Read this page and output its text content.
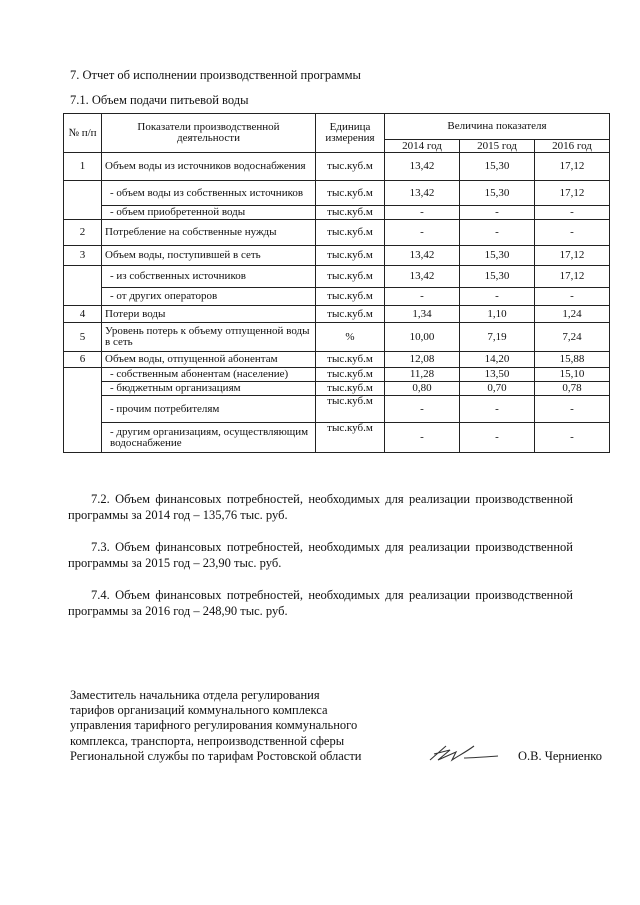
7. Отчет об исполнении производственной программы
7.1. Объем подачи питьевой воды
№ п/п	Показатели производственной деятельности	Единица измерения	Величина показателя		
			2014 год	2015 год	2016 год
1	Объем воды из источников водоснабжения	тыс.куб.м	13,42	15,30	17,12
	- объем воды из собственных источников	тыс.куб.м	13,42	15,30	17,12
	- объем приобретенной воды	тыс.куб.м	-	-	-
2	Потребление на собственные нужды	тыс.куб.м	-	-	-
3	Объем воды, поступившей в сеть	тыс.куб.м	13,42	15,30	17,12
	- из собственных источников	тыс.куб.м	13,42	15,30	17,12
	- от других операторов	тыс.куб.м	-	-	-
4	Потери воды	тыс.куб.м	1,34	1,10	1,24
5	Уровень потерь к объему отпущенной воды в сеть	%	10,00	7,19	7,24
6	Объем воды, отпущенной абонентам	тыс.куб.м	12,08	14,20	15,88
	- собственным абонентам (население)	тыс.куб.м	11,28	13,50	15,10
	- бюджетным организациям	тыс.куб.м	0,80	0,70	0,78
	- прочим потребителям	тыс.куб.м	-	-	-
	- другим организациям, осуществляющим водоснабжение	тыс.куб.м	-	-	-
7.2. Объем финансовых потребностей, необходимых для реализации производственной программы за 2014 год – 135,76 тыс. руб.
7.3. Объем финансовых потребностей, необходимых для реализации производственной программы за 2015 год – 23,90 тыс. руб.
7.4. Объем финансовых потребностей, необходимых для реализации производственной программы за 2016 год – 248,90 тыс. руб.
Заместитель начальника отдела регулирования
тарифов организаций коммунального комплекса
управления тарифного регулирования коммунального
комплекса, транспорта, непроизводственной сферы
Региональной службы по тарифам Ростовской области	О.В. Черниенко
